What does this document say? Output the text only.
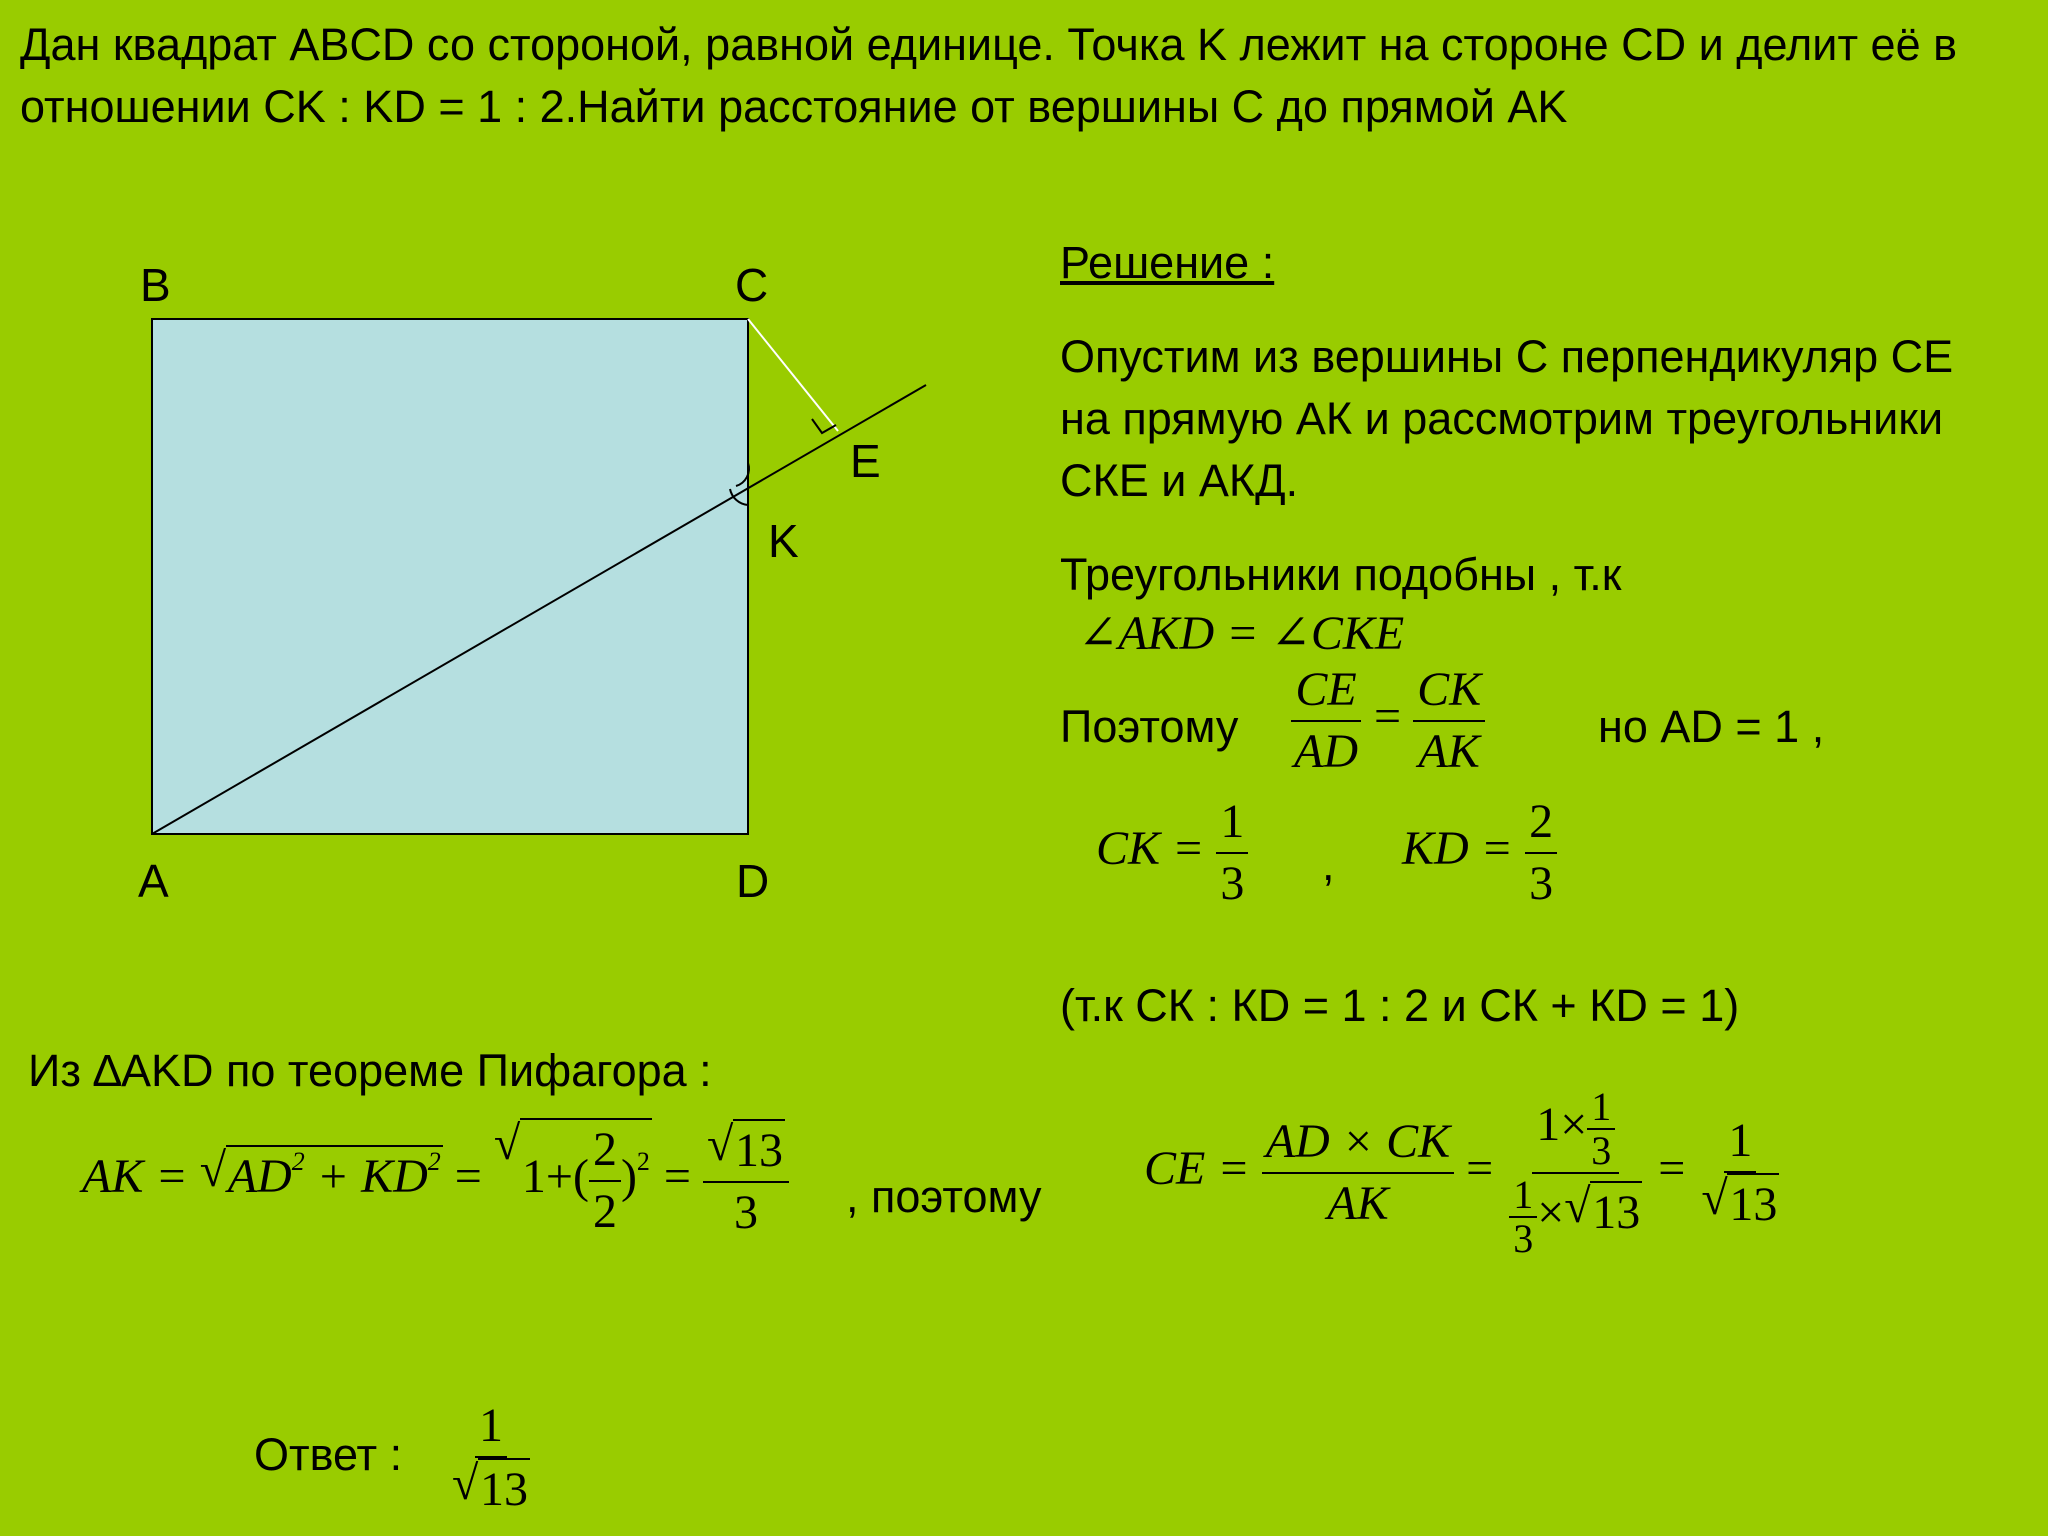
Дан квадрат ABCD со стороной, равной единице. Точка K лежит на стороне CD и делит её в отношении CK : KD = 1 : 2.Найти расстояние от вершины C до прямой AK
B	C
A	D
E
K
Решение :
Опустим из вершины С перпендикуляр СЕ на прямую АК и рассмотрим треугольники СКЕ и АКД.
Треугольники подобны , т.к
∠AKD = ∠CKE
Поэтому $\frac{CE}{AD} = \frac{CK}{AK}$	но AD = 1 ,
CK = $\frac{1}{3}$ , KD = $\frac{2}{3}$
(т.к СК : КD = 1 : 2 и СК + КD = 1)
Из ∆AKD по теореме Пифагора :
AK = √ $AD^2 + KD^2$ = √ $1+( \frac{2}{2} )^2$ = √ $\frac{13}{3}$ , поэтому
CE = $\frac{AD \times CK}{AK} = \frac{1\times \frac{1}{3}}{\frac{1}{3} \times √ 13} = 1$
√ 13
Ответ : 1
√ 13
